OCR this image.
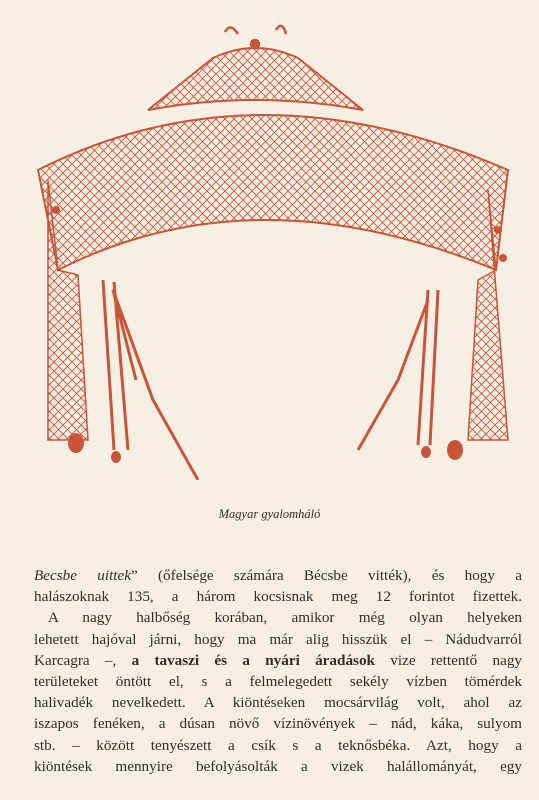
Magyar gyalomháló
Becsbe uittek” (őfelsége számára Bécsbe vitték), és hogy a
halászoknak 135, a három kocsisnak meg 12 forintot fizettek.
A nagy halbőség korában, amikor még olyan helyeken
lehetett hajóval járni, hogy ma már alig hisszük el – Nádudvarról
Karcagra –, a tavaszi és a nyári áradások vize rettentő nagy
területeket öntött el, s a felmelegedett sekély vízben tömérdek
halivadék nevelkedett. A kiöntéseken mocsárvilág volt, ahol az
iszapos fenéken, a dúsan növő vízinövények – nád, káka, sulyom
stb. – között tenyészett a csík s a teknősbéka. Azt, hogy a
kiöntések mennyire befolyásolták a vizek halállományát, egy
